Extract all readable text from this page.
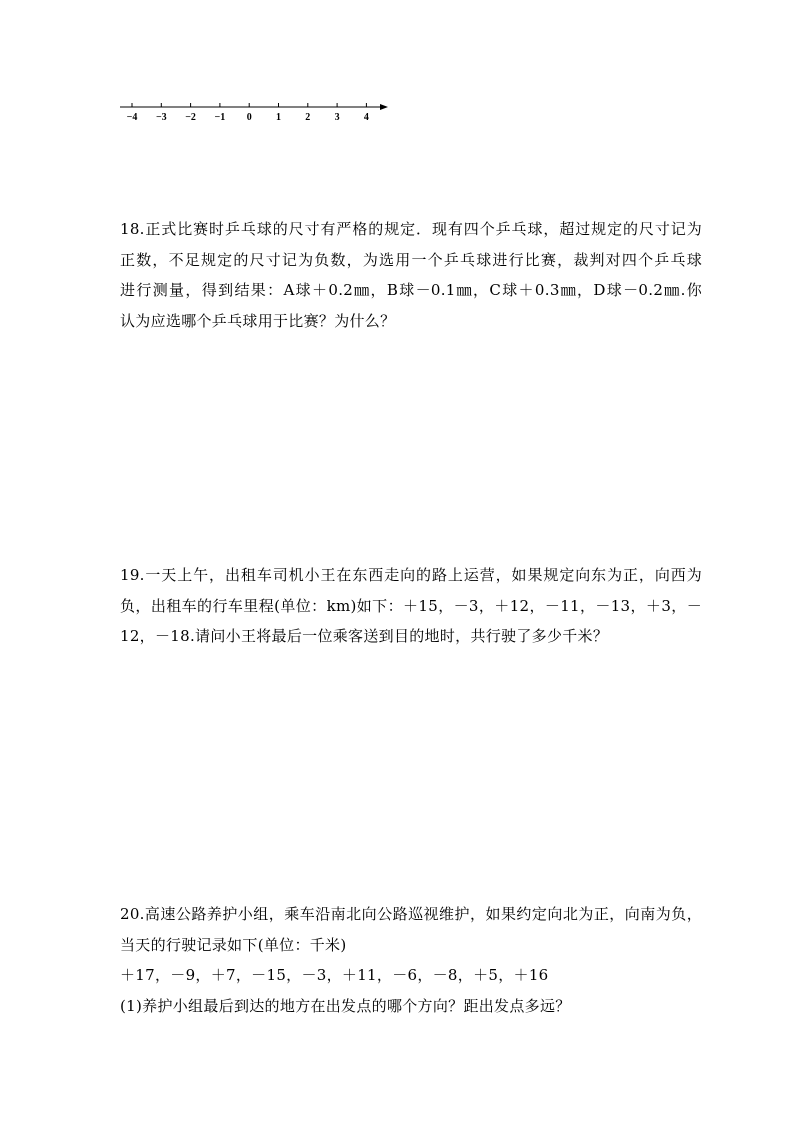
−4 −3 −2 −1 0 1 2 3 4
18.正式比赛时乒乓球的尺寸有严格的规定．现有四个乒乓球，超过规定的尺寸记为
正数，不足规定的尺寸记为负数，为选用一个乒乓球进行比赛，裁判对四个乒乓球
进行测量，得到结果：A球＋0.2㎜，B球－0.1㎜，C球＋0.3㎜，D球－0.2㎜.你
认为应选哪个乒乓球用于比赛？为什么？
19.一天上午，出租车司机小王在东西走向的路上运营，如果规定向东为正，向西为
负，出租车的行车里程(单位：km)如下：＋15，－3，＋12，－11，－13，＋3，－
12，－18.请问小王将最后一位乘客送到目的地时，共行驶了多少千米？
20.高速公路养护小组，乘车沿南北向公路巡视维护，如果约定向北为正，向南为负，
当天的行驶记录如下(单位：千米)
＋17，－9，＋7，－15，－3，＋11，－6，－8，＋5，＋16
(1)养护小组最后到达的地方在出发点的哪个方向？距出发点多远？
